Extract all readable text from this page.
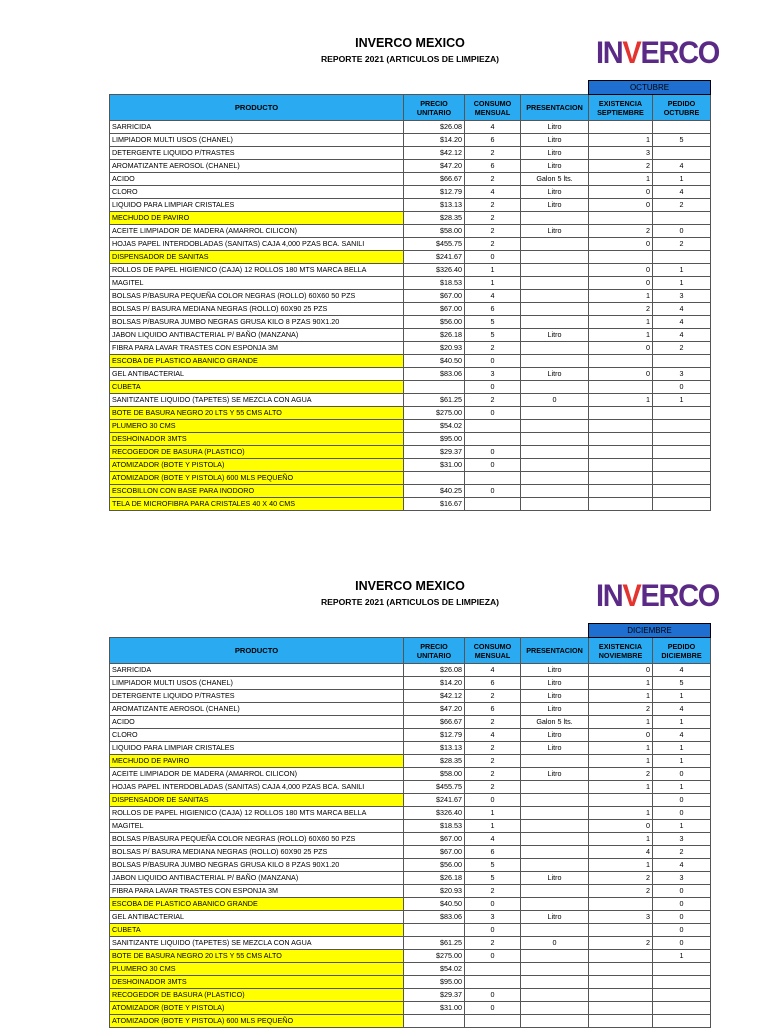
INVERCO MEXICO
REPORTE 2021 (ARTICULOS DE LIMPIEZA)	INVERCO
				OCTUBRE	
PRODUCTO	PRECIO UNITARIO	CONSUMO MENSUAL	PRESENTACION	EXISTENCIA SEPTIEMBRE	PEDIDO OCTUBRE
SARRICIDA	$26.08	4	Litro		
LIMPIADOR MULTI USOS (CHANEL)	$14.20	6	Litro	1	5
DETERGENTE LIQUIDO P/TRASTES	$42.12	2	Litro	3	
AROMATIZANTE AEROSOL (CHANEL)	$47.20	6	Litro	2	4
ACIDO	$66.67	2	Galon 5 lts.	1	1
CLORO	$12.79	4	Litro	0	4
LIQUIDO PARA LIMPIAR CRISTALES	$13.13	2	Litro	0	2
MECHUDO DE PAVIRO	$28.35	2			
ACEITE LIMPIADOR DE MADERA (AMARROL CILICON)	$58.00	2	Litro	2	0
HOJAS PAPEL INTERDOBLADAS (SANITAS) CAJA 4,000 PZAS BCA. SANILI	$455.75	2		0	2
DISPENSADOR DE SANITAS	$241.67	0			
ROLLOS DE PAPEL HIGIENICO (CAJA) 12 ROLLOS 180 MTS MARCA BELLA	$326.40	1		0	1
MAGITEL	$18.53	1		0	1
BOLSAS P/BASURA PEQUEÑA COLOR NEGRAS (ROLLO) 60X60 50 PZS	$67.00	4		1	3
BOLSAS P/ BASURA MEDIANA NEGRAS (ROLLO) 60X90 25 PZS	$67.00	6		2	4
BOLSAS P/BASURA JUMBO NEGRAS GRUSA KILO 8 PZAS 90X1.20	$56.00	5		1	4
JABON LIQUIDO ANTIBACTERIAL P/ BAÑO (MANZANA)	$26.18	5	Litro	1	4
FIBRA PARA LAVAR TRASTES CON ESPONJA 3M	$20.93	2		0	2
ESCOBA DE PLASTICO ABANICO GRANDE	$40.50	0			
GEL ANTIBACTERIAL	$83.06	3	Litro	0	3
CUBETA		0			0
SANITIZANTE LIQUIDO (TAPETES) SE MEZCLA CON AGUA	$61.25	2	0	1	1
BOTE DE BASURA NEGRO 20 LTS Y 55 CMS ALTO	$275.00	0			
PLUMERO 30 CMS	$54.02				
DESHOINADOR 3MTS	$95.00				
RECOGEDOR DE BASURA (PLASTICO)	$29.37	0			
ATOMIZADOR (BOTE Y PISTOLA)	$31.00	0			
ATOMIZADOR (BOTE Y PISTOLA) 600 MLS PEQUEÑO					
ESCOBILLON CON BASE PARA INODORO	$40.25	0			
TELA DE MICROFIBRA PARA CRISTALES 40 X 40 CMS	$16.67				
INVERCO MEXICO
REPORTE 2021 (ARTICULOS DE LIMPIEZA)	INVERCO
				DICIEMBRE	
PRODUCTO	PRECIO UNITARIO	CONSUMO MENSUAL	PRESENTACION	EXISTENCIA NOVIEMBRE	PEDIDO DICIEMBRE
SARRICIDA	$26.08	4	Litro	0	4
LIMPIADOR MULTI USOS (CHANEL)	$14.20	6	Litro	1	5
DETERGENTE LIQUIDO P/TRASTES	$42.12	2	Litro	1	1
AROMATIZANTE AEROSOL (CHANEL)	$47.20	6	Litro	2	4
ACIDO	$66.67	2	Galon 5 lts.	1	1
CLORO	$12.79	4	Litro	0	4
LIQUIDO PARA LIMPIAR CRISTALES	$13.13	2	Litro	1	1
MECHUDO DE PAVIRO	$28.35	2		1	1
ACEITE LIMPIADOR DE MADERA (AMARROL CILICON)	$58.00	2	Litro	2	0
HOJAS PAPEL INTERDOBLADAS (SANITAS) CAJA 4,000 PZAS BCA. SANILI	$455.75	2		1	1
DISPENSADOR DE SANITAS	$241.67	0			0
ROLLOS DE PAPEL HIGIENICO (CAJA) 12 ROLLOS 180 MTS MARCA BELLA	$326.40	1		1	0
MAGITEL	$18.53	1		0	1
BOLSAS P/BASURA PEQUEÑA COLOR NEGRAS (ROLLO) 60X60 50 PZS	$67.00	4		1	3
BOLSAS P/ BASURA MEDIANA NEGRAS (ROLLO) 60X90 25 PZS	$67.00	6		4	2
BOLSAS P/BASURA JUMBO NEGRAS GRUSA KILO 8 PZAS 90X1.20	$56.00	5		1	4
JABON LIQUIDO ANTIBACTERIAL P/ BAÑO (MANZANA)	$26.18	5	Litro	2	3
FIBRA PARA LAVAR TRASTES CON ESPONJA 3M	$20.93	2		2	0
ESCOBA DE PLASTICO ABANICO GRANDE	$40.50	0			0
GEL ANTIBACTERIAL	$83.06	3	Litro	3	0
CUBETA		0			0
SANITIZANTE LIQUIDO (TAPETES) SE MEZCLA CON AGUA	$61.25	2	0	2	0
BOTE DE BASURA NEGRO 20 LTS Y 55 CMS ALTO	$275.00	0			1
PLUMERO 30 CMS	$54.02				
DESHOINADOR 3MTS	$95.00				
RECOGEDOR DE BASURA (PLASTICO)	$29.37	0			
ATOMIZADOR (BOTE Y PISTOLA)	$31.00	0			
ATOMIZADOR (BOTE Y PISTOLA) 600 MLS PEQUEÑO					
